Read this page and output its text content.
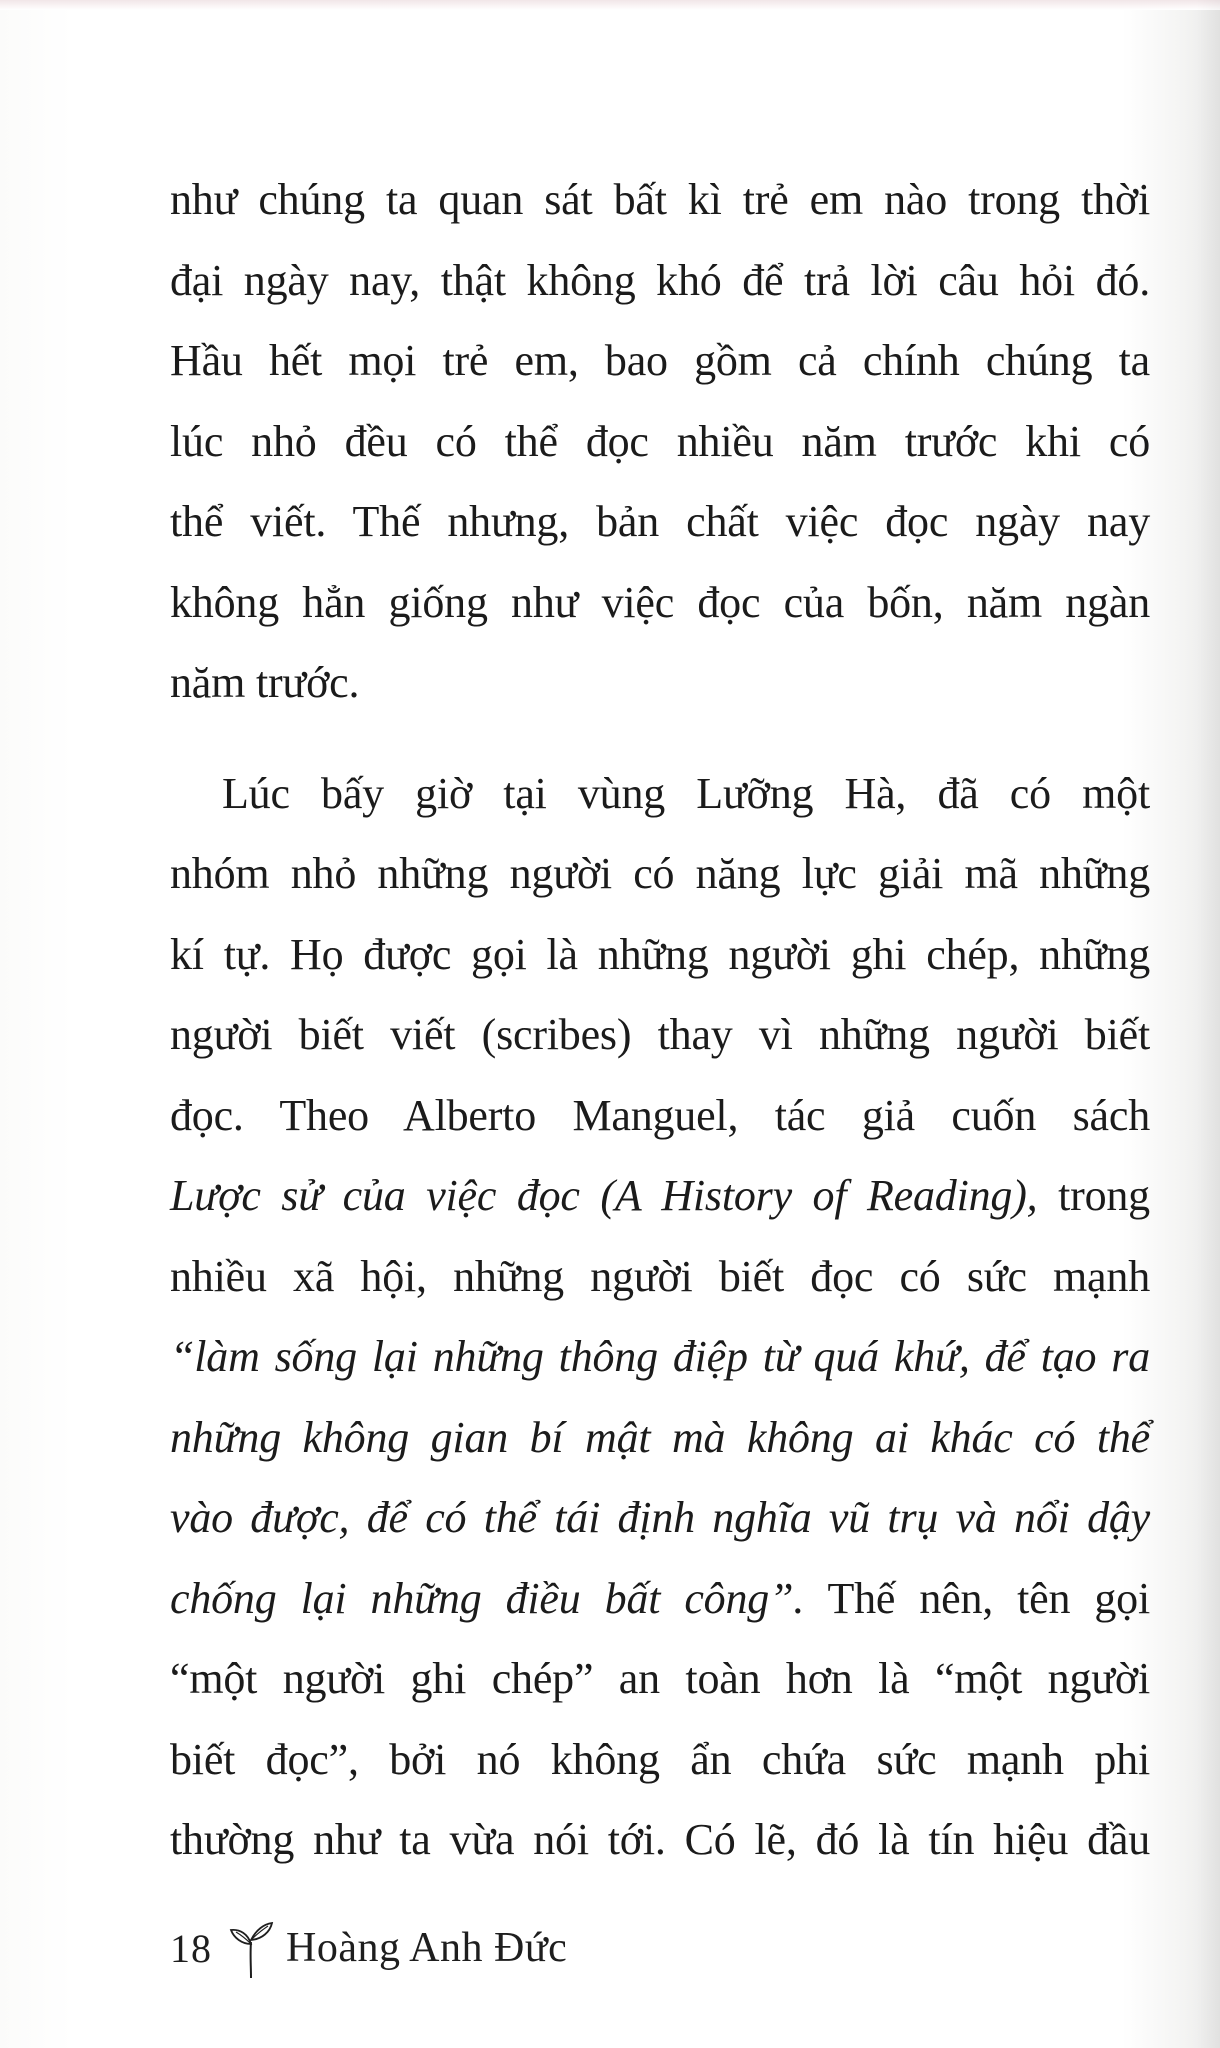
như chúng ta quan sát bất kì trẻ em nào trong thời
đại ngày nay, thật không khó để trả lời câu hỏi đó.
Hầu hết mọi trẻ em, bao gồm cả chính chúng ta
lúc nhỏ đều có thể đọc nhiều năm trước khi có
thể viết. Thế nhưng, bản chất việc đọc ngày nay
không hẳn giống như việc đọc của bốn, năm ngàn
năm trước.
Lúc bấy giờ tại vùng Lưỡng Hà, đã có một
nhóm nhỏ những người có năng lực giải mã những
kí tự. Họ được gọi là những người ghi chép, những
người biết viết (scribes) thay vì những người biết
đọc. Theo Alberto Manguel, tác giả cuốn sách
Lược sử của việc đọc (A History of Reading), trong
nhiều xã hội, những người biết đọc có sức mạnh
“làm sống lại những thông điệp từ quá khứ, để tạo ra
những không gian bí mật mà không ai khác có thể
vào được, để có thể tái định nghĩa vũ trụ và nổi dậy
chống lại những điều bất công”. Thế nên, tên gọi
“một người ghi chép” an toàn hơn là “một người
biết đọc”, bởi nó không ẩn chứa sức mạnh phi
thường như ta vừa nói tới. Có lẽ, đó là tín hiệu đầu
18 Hoàng Anh Đức
